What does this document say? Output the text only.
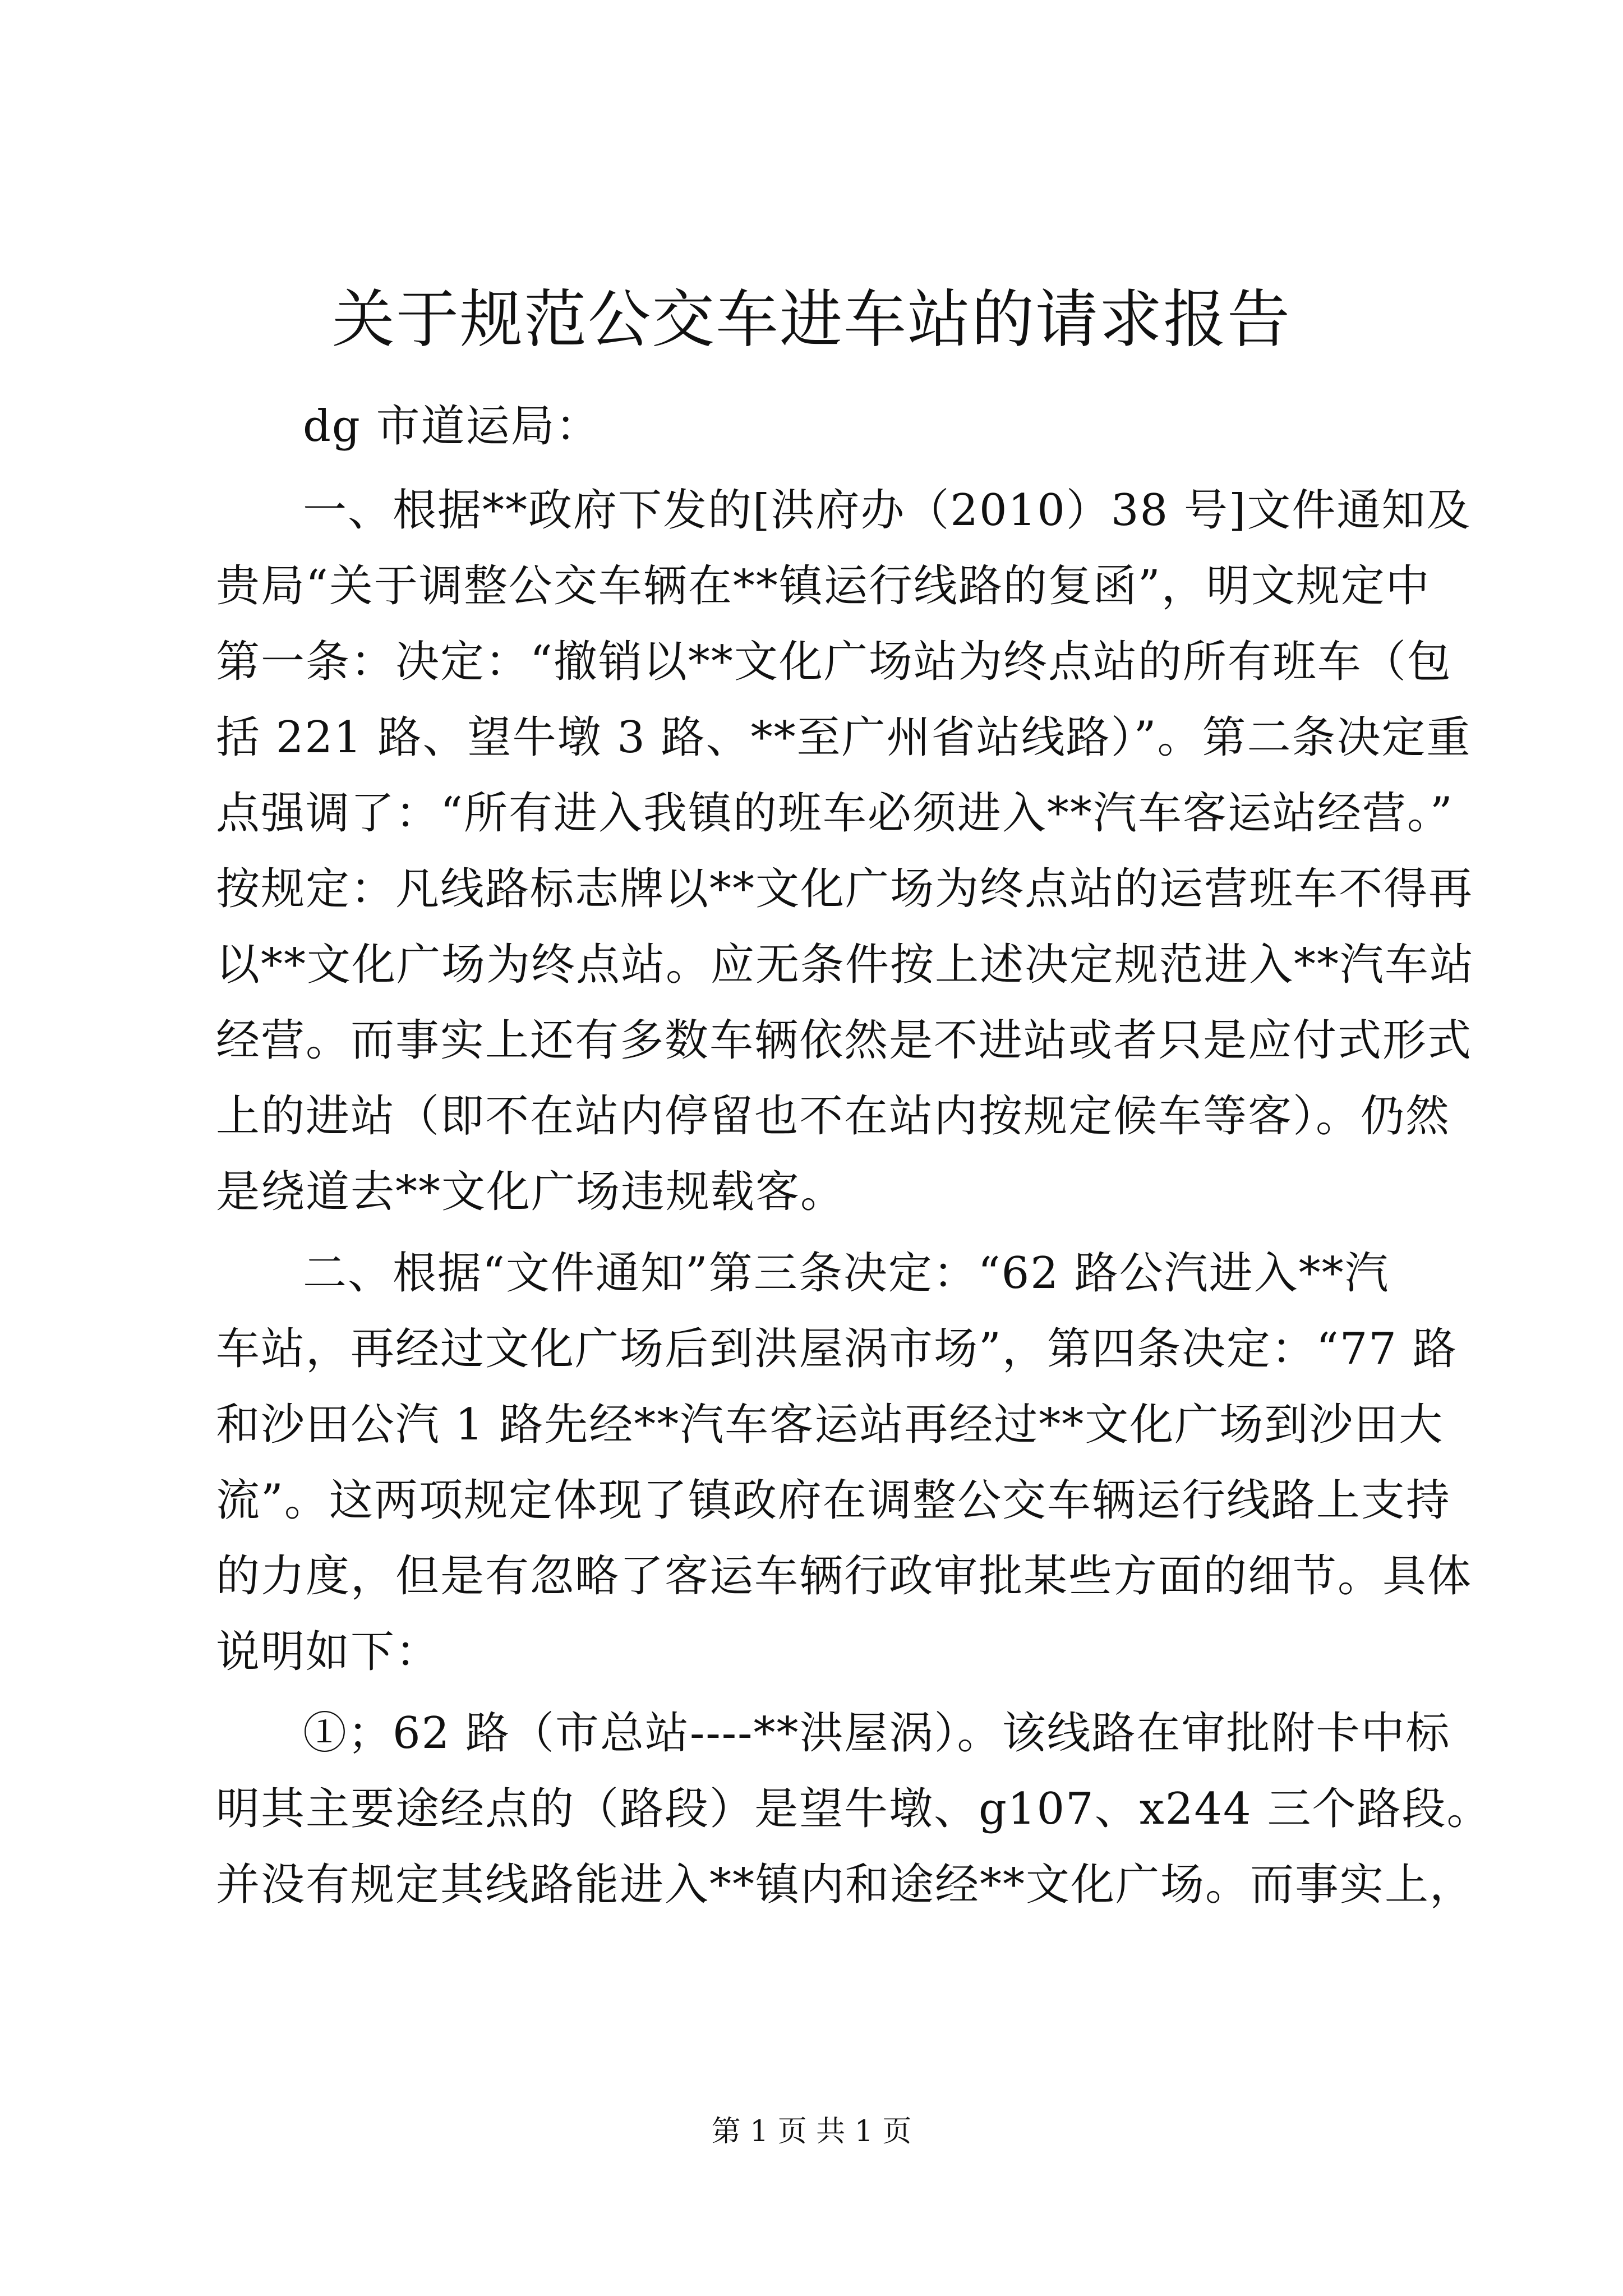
关于规范公交车进车站的请求报告
dg 市道运局：
一、根据**政府下发的[洪府办（2010）38 号]文件通知及
贵局“关于调整公交车辆在**镇运行线路的复函”，明文规定中
第一条：决定：“撤销以**文化广场站为终点站的所有班车（包
括 221 路、望牛墩 3 路、**至广州省站线路）”。第二条决定重
点强调了：“所有进入我镇的班车必须进入**汽车客运站经营。”
按规定：凡线路标志牌以**文化广场为终点站的运营班车不得再
以**文化广场为终点站。应无条件按上述决定规范进入**汽车站
经营。而事实上还有多数车辆依然是不进站或者只是应付式形式
上的进站（即不在站内停留也不在站内按规定候车等客）。仍然
是绕道去**文化广场违规载客。
二、根据“文件通知”第三条决定：“62 路公汽进入**汽
车站，再经过文化广场后到洪屋涡市场”，第四条决定：“77 路
和沙田公汽 1 路先经**汽车客运站再经过**文化广场到沙田大
流”。这两项规定体现了镇政府在调整公交车辆运行线路上支持
的力度，但是有忽略了客运车辆行政审批某些方面的细节。具体
说明如下：
①；62 路（市总站----**洪屋涡）。该线路在审批附卡中标
明其主要途经点的（路段）是望牛墩、g107、x244 三个路段。
并没有规定其线路能进入**镇内和途经**文化广场。而事实上，
第 1 页 共 1 页
